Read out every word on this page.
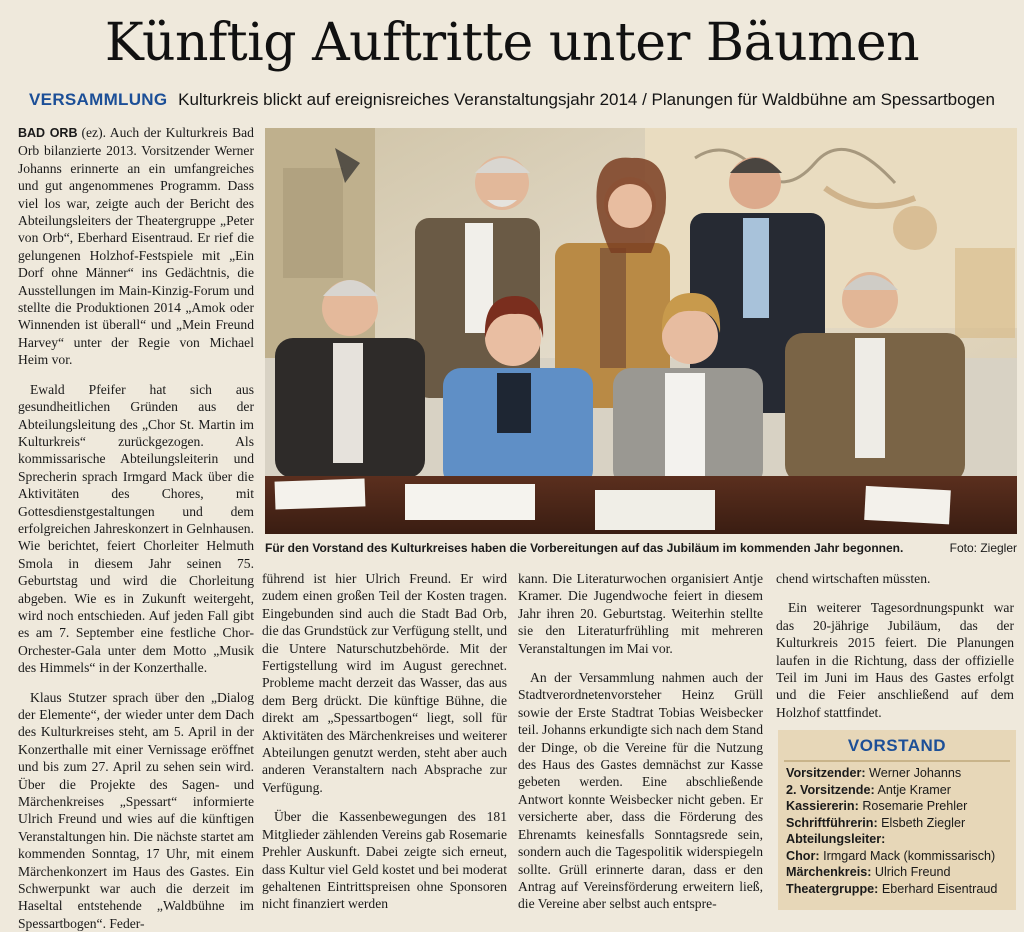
Künftig Auftritte unter Bäumen
VERSAMMLUNG Kulturkreis blickt auf ereignisreiches Veranstaltungsjahr 2014 / Planungen für Waldbühne am Spessartbogen

BAD ORB (ez). Auch der Kulturkreis Bad Orb bilanzierte 2013. Vorsitzender Werner Johanns erinnerte an ein umfangreiches und gut angenommenes Programm. Dass viel los war, zeigte auch der Bericht des Abteilungsleiters der Theatergruppe „Peter von Orb“, Eberhard Eisentraud. Er rief die gelungenen Holzhof-Festspiele mit „Ein Dorf ohne Männer“ ins Gedächtnis, die Ausstellungen im Main-Kinzig-Forum und stellte die Produktionen 2014 „Amok oder Winnenden ist überall“ und „Mein Freund Harvey“ unter der Regie von Michael Heim vor.

Ewald Pfeifer hat sich aus gesundheitlichen Gründen aus der Abteilungsleitung des „Chor St. Martin im Kulturkreis“ zurückgezogen. Als kommissarische Abteilungsleiterin und Sprecherin sprach Irmgard Mack über die Aktivitäten des Chores, mit Gottesdienstgestaltungen und dem erfolgreichen Jahreskonzert in Gelnhausen. Wie berichtet, feiert Chorleiter Helmuth Smola in diesem Jahr seinen 75. Geburtstag und wird die Chorleitung abgeben. Wie es in Zukunft weitergeht, wird noch entschieden. Auf jeden Fall gibt es am 7. September eine festliche Chor-Orchester-Gala unter dem Motto „Musik des Himmels“ in der Konzerthalle.

Klaus Stutzer sprach über den „Dialog der Elemente“, der wieder unter dem Dach des Kulturkreises steht, am 5. April in der Konzerthalle mit einer Vernissage eröffnet und bis zum 27. April zu sehen sein wird. Über die Projekte des Sagen- und Märchenkreises „Spessart“ informierte Ulrich Freund und wies auf die künftigen Veranstaltungen hin. Die nächste startet am kommenden Sonntag, 17 Uhr, mit einem Märchenkonzert im Haus des Gastes. Ein Schwerpunkt war auch die derzeit im Haseltal entstehende „Waldbühne im Spessartbogen“. Feder-

Für den Vorstand des Kulturkreises haben die Vorbereitungen auf das Jubiläum im kommenden Jahr begonnen.	Foto: Ziegler

führend ist hier Ulrich Freund. Er wird zudem einen großen Teil der Kosten tragen. Eingebunden sind auch die Stadt Bad Orb, die das Grundstück zur Verfügung stellt, und die Untere Naturschutzbehörde. Mit der Fertigstellung wird im August gerechnet. Probleme macht derzeit das Wasser, das aus dem Berg drückt. Die künftige Bühne, die direkt am „Spessartbogen“ liegt, soll für Aktivitäten des Märchenkreises und weiterer Abteilungen genutzt werden, steht aber auch anderen Veranstaltern nach Absprache zur Verfügung.

Über die Kassenbewegungen des 181 Mitglieder zählenden Vereins gab Rosemarie Prehler Auskunft. Dabei zeigte sich erneut, dass Kultur viel Geld kostet und bei moderat gehaltenen Eintrittspreisen ohne Sponsoren nicht finanziert werden

kann. Die Literaturwochen organisiert Antje Kramer. Die Jugendwoche feiert in diesem Jahr ihren 20. Geburtstag. Weiterhin stellte sie den Literaturfrühling mit mehreren Veranstaltungen im Mai vor.

An der Versammlung nahmen auch der Stadtverordnetenvorsteher Heinz Grüll sowie der Erste Stadtrat Tobias Weisbecker teil. Johanns erkundigte sich nach dem Stand der Dinge, ob die Vereine für die Nutzung des Haus des Gastes demnächst zur Kasse gebeten werden. Eine abschließende Antwort konnte Weisbecker nicht geben. Er versicherte aber, dass die Förderung des Ehrenamts keinesfalls Sonntagsrede sein, sondern auch die Tagespolitik widerspiegeln sollte. Grüll erinnerte daran, dass er den Antrag auf Vereinsförderung erweitern ließ, die Vereine aber selbst auch entspre-

chend wirtschaften müssten.

Ein weiterer Tagesordnungspunkt war das 20-jährige Jubiläum, das der Kulturkreis 2015 feiert. Die Planungen laufen in die Richtung, dass der offizielle Teil im Juni im Haus des Gastes erfolgt und die Feier anschließend auf dem Holzhof stattfindet.

VORSTAND
Vorsitzender: Werner Johanns
2. Vorsitzende: Antje Kramer
Kassiererin: Rosemarie Prehler
Schriftführerin: Elsbeth Ziegler
Abteilungsleiter:
Chor: Irmgard Mack (kommissarisch)
Märchenkreis: Ulrich Freund
Theatergruppe: Eberhard Eisentraud
